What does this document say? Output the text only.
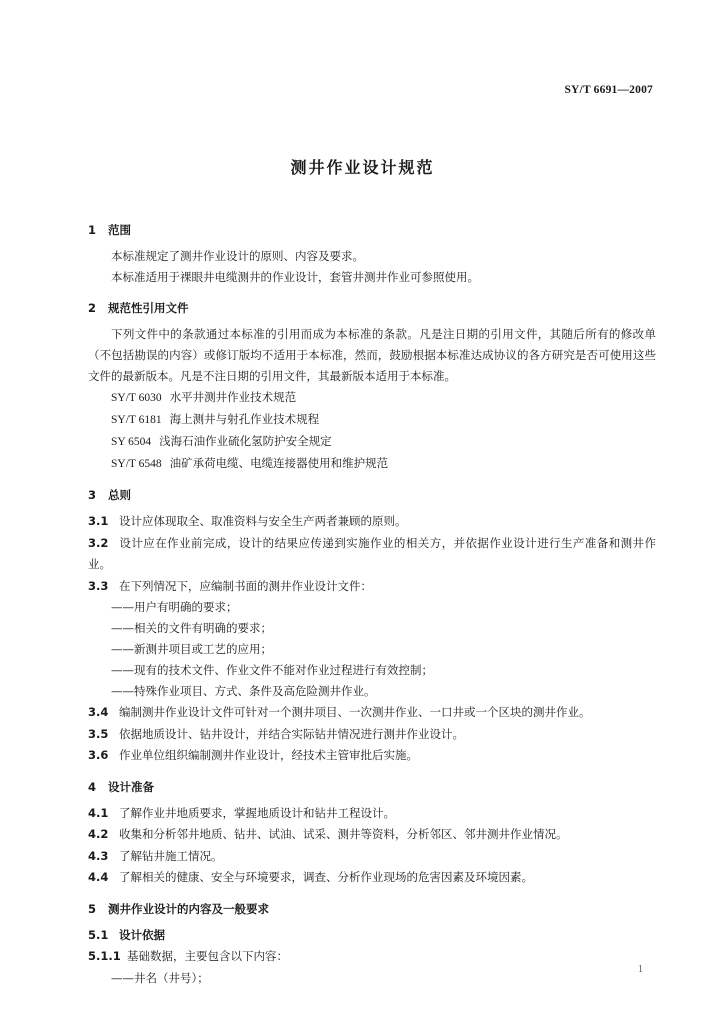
SY/T 6691—2007
测井作业设计规范
1 范围

本标准规定了测井作业设计的原则、内容及要求。

本标准适用于裸眼井电缆测井的作业设计，套管井测井作业可参照使用。

2 规范性引用文件

下列文件中的条款通过本标准的引用而成为本标准的条款。凡是注日期的引用文件，其随后所有的修改单（不包括勘误的内容）或修订版均不适用于本标准，然而，鼓励根据本标准达成协议的各方研究是否可使用这些文件的最新版本。凡是不注日期的引用文件，其最新版本适用于本标准。

SY/T 6030 水平井测井作业技术规范

SY/T 6181 海上测井与射孔作业技术规程

SY 6504 浅海石油作业硫化氢防护安全规定

SY/T 6548 油矿承荷电缆、电缆连接器使用和维护规范

3 总则

3.1 设计应体现取全、取准资料与安全生产两者兼顾的原则。

3.2 设计应在作业前完成，设计的结果应传递到实施作业的相关方，并依据作业设计进行生产准备和测井作业。

3.3 在下列情况下，应编制书面的测井作业设计文件：

——用户有明确的要求；

——相关的文件有明确的要求；

——新测井项目或工艺的应用；

——现有的技术文件、作业文件不能对作业过程进行有效控制；

——特殊作业项目、方式、条件及高危险测井作业。

3.4 编制测井作业设计文件可针对一个测井项目、一次测井作业、一口井或一个区块的测井作业。

3.5 依据地质设计、钻井设计，并结合实际钻井情况进行测井作业设计。

3.6 作业单位组织编制测井作业设计，经技术主管审批后实施。

4 设计准备

4.1 了解作业井地质要求，掌握地质设计和钻井工程设计。

4.2 收集和分析邻井地质、钻井、试油、试采、测井等资料，分析邻区、邻井测井作业情况。

4.3 了解钻井施工情况。

4.4 了解相关的健康、安全与环境要求，调查、分析作业现场的危害因素及环境因素。

5 测井作业设计的内容及一般要求

5.1 设计依据

5.1.1 基础数据，主要包含以下内容：

——井名（井号）；

1
